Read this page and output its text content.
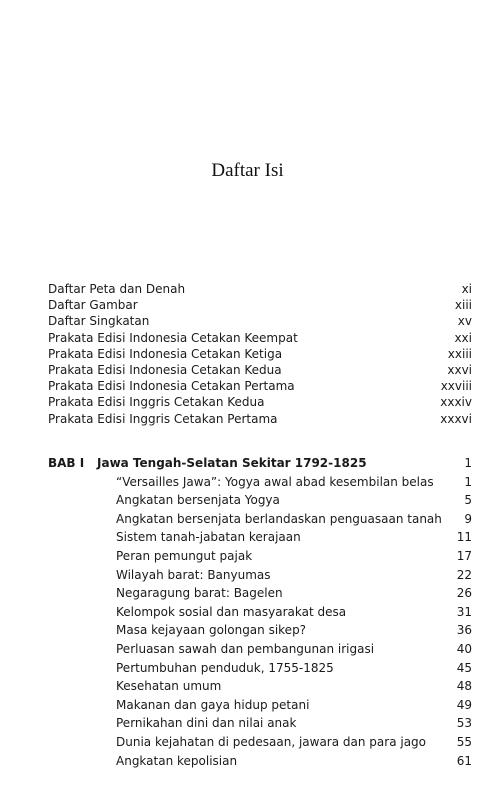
Daftar Isi
Daftar Peta dan Denah	xi
Daftar Gambar	xiii
Daftar Singkatan	xv
Prakata Edisi Indonesia Cetakan Keempat	xxi
Prakata Edisi Indonesia Cetakan Ketiga	xxiii
Prakata Edisi Indonesia Cetakan Kedua	xxvi
Prakata Edisi Indonesia Cetakan Pertama	xxviii
Prakata Edisi Inggris Cetakan Kedua	xxxiv
Prakata Edisi Inggris Cetakan Pertama	xxxvi
BAB I	Jawa Tengah-Selatan Sekitar 1792-1825	1
“Versailles Jawa”: Yogya awal abad kesembilan belas	1
Angkatan bersenjata Yogya	5
Angkatan bersenjata berlandaskan penguasaan tanah 9
Sistem tanah-jabatan kerajaan	11
Peran pemungut pajak	17
Wilayah barat: Banyumas	22
Negaragung barat: Bagelen	26
Kelompok sosial dan masyarakat desa	31
Masa kejayaan golongan sikep?	36
Perluasan sawah dan pembangunan irigasi	40
Pertumbuhan penduduk, 1755-1825	45
Kesehatan umum	48
Makanan dan gaya hidup petani	49
Pernikahan dini dan nilai anak	53
Dunia kejahatan di pedesaan, jawara dan para jago	55
Angkatan kepolisian	61
